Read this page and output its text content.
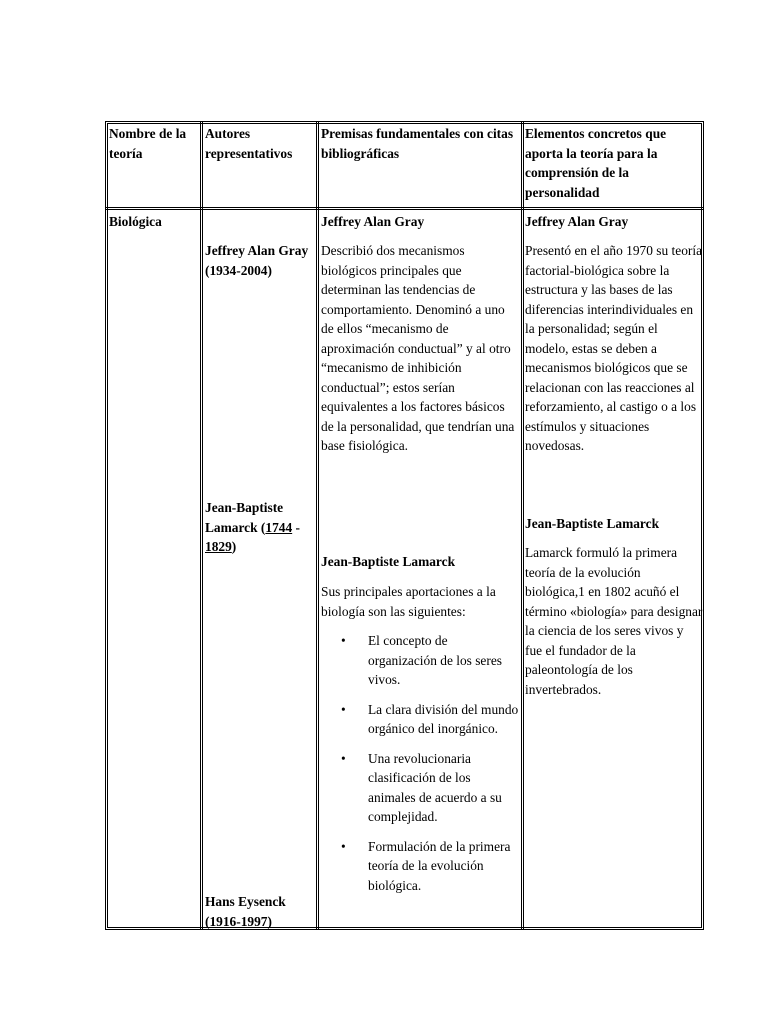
Nombre de la teoría
Autores representativos
Premisas fundamentales con citas bibliográficas
Elementos concretos que aporta la teoría para la comprensión de la personalidad
Biológica
Jeffrey Alan Gray (1934-2004)
Jean-Baptiste Lamarck (1744 - 1829)
Hans Eysenck (1916-1997)
Jeffrey Alan Gray
Describió dos mecanismos biológicos principales que determinan las tendencias de comportamiento. Denominó a uno de ellos “mecanismo de aproximación conductual” y al otro “mecanismo de inhibición conductual”; estos serían equivalentes a los factores básicos de la personalidad, que tendrían una base fisiológica.
Jean-Baptiste Lamarck
Sus principales aportaciones a la biología son las siguientes:
• El concepto de organización de los seres vivos.
• La clara división del mundo orgánico del inorgánico.
• Una revolucionaria clasificación de los animales de acuerdo a su complejidad.
• Formulación de la primera teoría de la evolución biológica.
Jeffrey Alan Gray
Presentó en el año 1970 su teoría factorial-biológica sobre la estructura y las bases de las diferencias interindividuales en la personalidad; según el modelo, estas se deben a mecanismos biológicos que se relacionan con las reacciones al reforzamiento, al castigo o a los estímulos y situaciones novedosas.
Jean-Baptiste Lamarck
Lamarck formuló la primera teoría de la evolución biológica,1 en 1802 acuñó el término «biología» para designar la ciencia de los seres vivos y fue el fundador de la paleontología de los invertebrados.
